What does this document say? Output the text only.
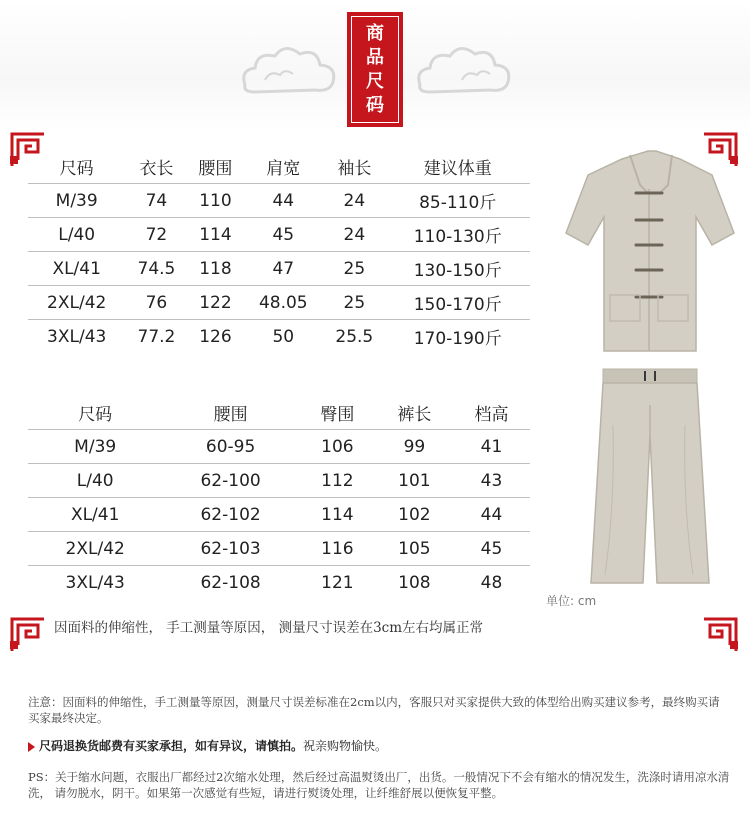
商
品
尺
码
尺码	衣长	腰围	肩宽	袖长	建议体重
M/39	74	110	44	24	85-110斤
L/40	72	114	45	24	110-130斤
XL/41	74.5	118	47	25	130-150斤
2XL/42	76	122	48.05	25	150-170斤
3XL/43	77.2	126	50	25.5	170-190斤
尺码	腰围	臀围	裤长	档高
M/39	60-95	106	99	41
L/40	62-100	112	101	43
XL/41	62-102	114	102	44
2XL/42	62-103	116	105	45
3XL/43	62-108	121	108	48
单位: cm
因面料的伸缩性， 手工测量等原因， 测量尺寸误差在3cm左右均属正常
注意：因面料的伸缩性，手工测量等原因，测量尺寸误差标准在2cm以内，客服只对买家提供大致的体型给出购买建议参考，最终购买请买家最终决定。
尺码退换货邮费有买家承担，如有异议，请慎拍。祝亲购物愉快。
PS：关于缩水问题，衣服出厂都经过2次缩水处理，然后经过高温熨烫出厂，出货。一般情况下不会有缩水的情况发生，洗涤时请用凉水清洗， 请勿脱水，阴干。如果第一次感觉有些短，请进行熨烫处理，让纤维舒展以便恢复平整。
